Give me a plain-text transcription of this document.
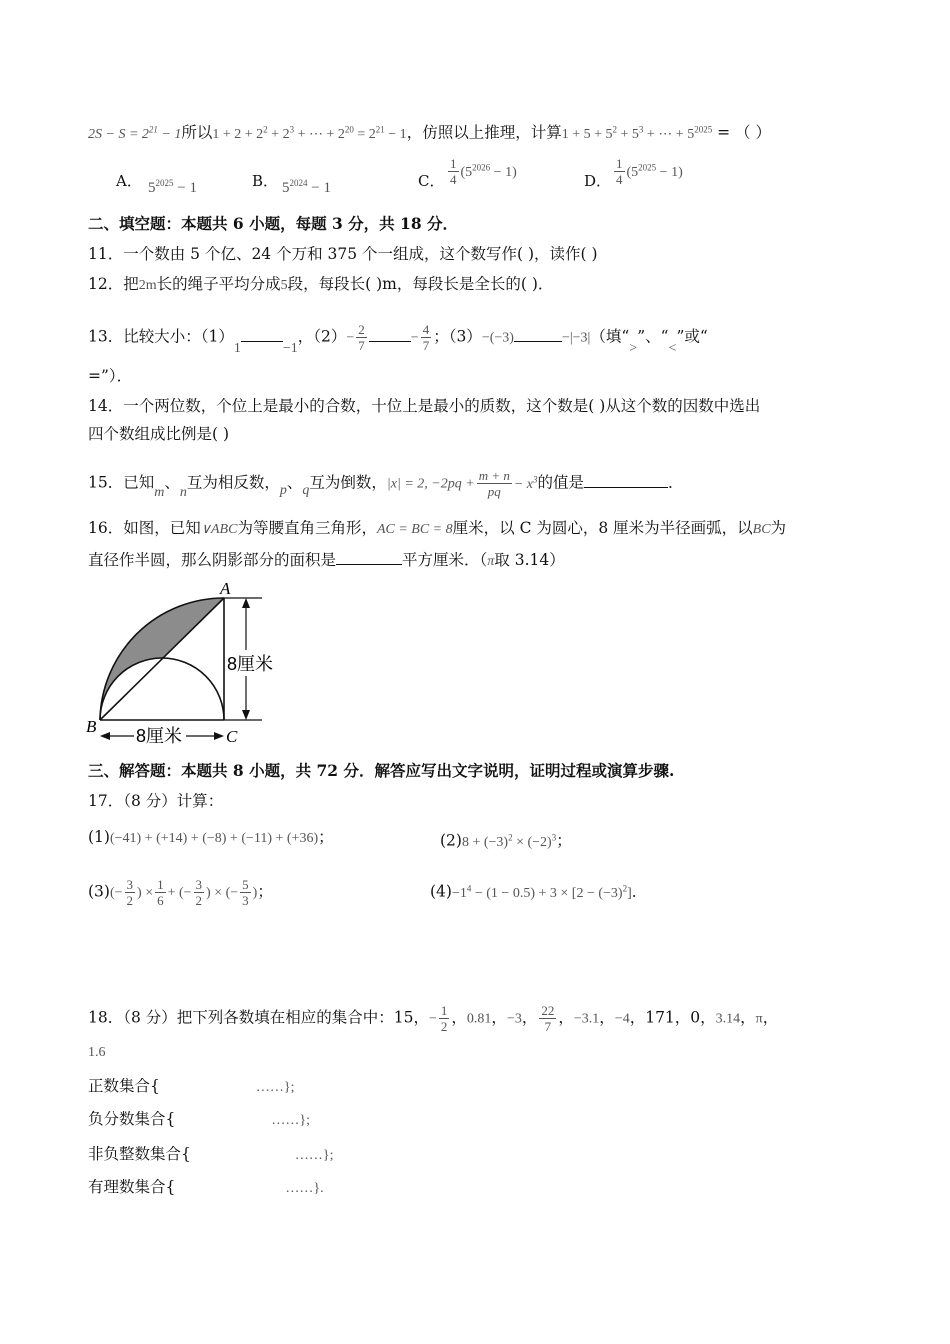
$2S - S = 2^{21} - 1$所以$1 + 2 + 2^2 + 2^3$ + ⋯ + $2^{20} = 2^{21} - 1$，仿照以上推理，计算$1 + 5 + 5^2 + 5^3$ + ⋯ + $5^{2025}$ = （ ）
A． $5^{2025} - 1$	B． $5^{2024} - 1$	C． $\frac{1}{4} (5^{2026} - 1)$	D． $\frac{1}{4} (5^{2025} - 1)$
二、填空题：本题共 6 小题，每题 3 分，共 18 分．
11．一个数由 5 个亿、24 个万和 375 个一组成，这个数写作( )，读作( )
12．把2m长的绳子平均分成5段，每段长( )m，每段长是全长的( )．
13．比较大小：（1）1	−1，$(2)- \frac{2}{7}$	− $\frac{4}{7}$ ；（3）−(−3)	−|−3|（填“>”、“<”或“
=”）．
14．一个两位数，个位上是最小的合数，十位上是最小的质数，这个数是( )从这个数的因数中选出
四个数组成比例是( )
15．已知m、n互为相反数，p、q互为倒数，|x| = 2, $-2pq + \frac{m + n}{pq} - x^3$的值是	．
16．如图，已知∨ABC为等腰直角三角形，AC = BC = 8厘米，以 C 为圆心，8 厘米为半径画弧，以BC为
直径作半圆，那么阴影部分的面积是	平方厘米．（π取 3.14）
A
B
C
8厘米
8厘米
三、解答题：本题共 8 小题，共 72 分．解答应写出文字说明，证明过程或演算步骤.
17．（8 分）计算：
(1)(−41) + (+14) + (−8) + (−11) + (+36)；	$(2)8 + (-3)^2 \times (-2)^3$；
$(3)(- \frac{3}{2}$ ) × $\frac{1}{6}$ + (− $\frac{3}{2}$ ) × (− $\frac{5}{3}$ )；	$(4)-1^4 - (1 - 0.5) + 3 \times [2 - (-3)^2]$．
18．（8 分）把下列各数填在相应的集合中：15，− $\frac{1}{2}$ ，0.81，−3， $\frac{22}{7}$ ，−3.1，−4，171，0，3.14，π，
1.6
正数集合{	……};
负分数集合{	……};
非负整数集合{	……};
有理数集合{	……}.
